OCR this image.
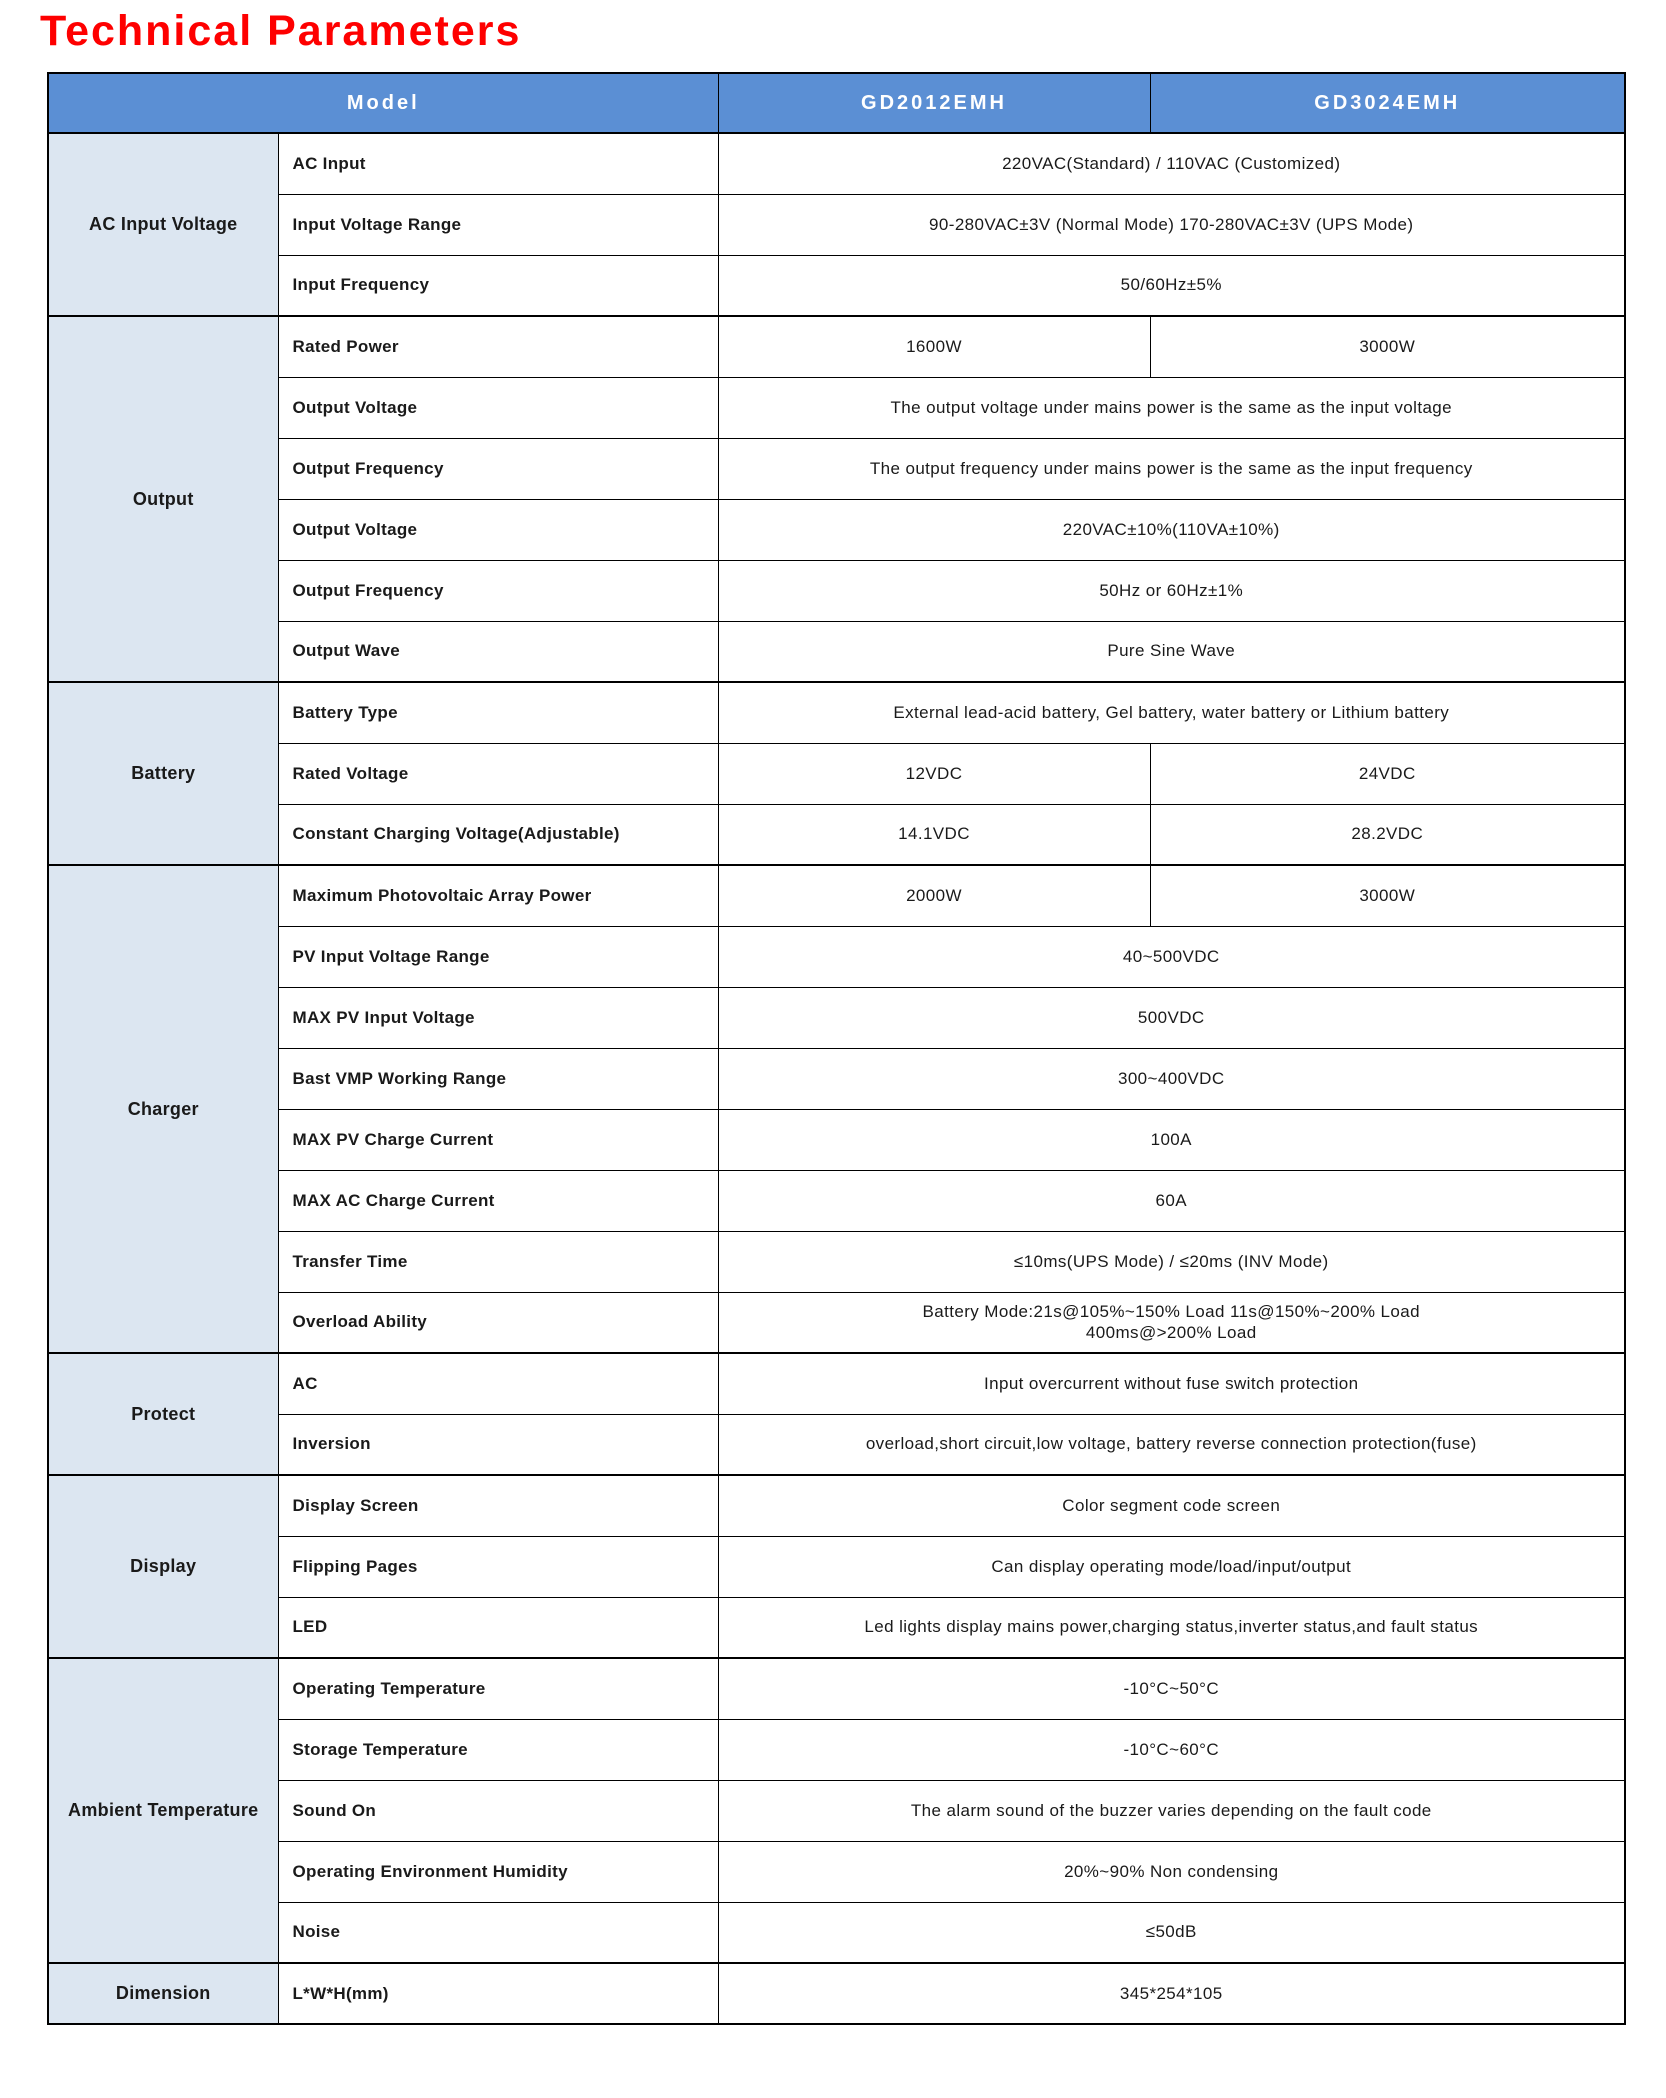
Technical Parameters
Model		GD2012EMH	GD3024EMH
AC Input Voltage	AC Input	220VAC(Standard) / 110VAC (Customized)	
	Input Voltage Range	90-280VAC±3V (Normal Mode) 170-280VAC±3V (UPS Mode)	
	Input Frequency	50/60Hz±5%	
Output	Rated Power	1600W	3000W
	Output Voltage	The output voltage under mains power is the same as the input voltage	
	Output Frequency	The output frequency under mains power is the same as the input frequency	
	Output Voltage	220VAC±10%(110VA±10%)	
	Output Frequency	50Hz or 60Hz±1%	
	Output Wave	Pure Sine Wave	
Battery	Battery Type	External lead-acid battery, Gel battery, water battery or Lithium battery	
	Rated Voltage	12VDC	24VDC
	Constant Charging Voltage(Adjustable)	14.1VDC	28.2VDC
Charger	Maximum Photovoltaic Array Power	2000W	3000W
	PV Input Voltage Range	40~500VDC	
	MAX PV Input Voltage	500VDC	
	Bast VMP Working Range	300~400VDC	
	MAX PV Charge Current	100A	
	MAX AC Charge Current	60A	
	Transfer Time	≤10ms(UPS Mode) / ≤20ms (INV Mode)	
	Overload Ability	Battery Mode:21s@105%~150% Load 11s@150%~200% Load
400ms@>200% Load	

Protect	AC	Input overcurrent without fuse switch protection	
	Inversion	overload,short circuit,low voltage, battery reverse connection protection(fuse)	
Display	Display Screen	Color segment code screen	
	Flipping Pages	Can display operating mode/load/input/output	
	LED	Led lights display mains power,charging status,inverter status,and fault status	
Ambient Temperature	Operating Temperature	-10°C~50°C	
	Storage Temperature	-10°C~60°C	
	Sound On	The alarm sound of the buzzer varies depending on the fault code	
	Operating Environment Humidity	20%~90% Non condensing	
	Noise	≤50dB	
Dimension	L*W*H(mm)	345*254*105	
